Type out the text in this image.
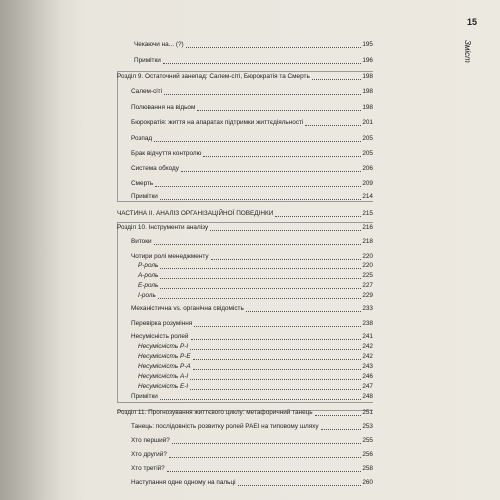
15
Зміст
Чекаючи на... (?)	195
Примітки	196
Розділ 9. Остаточний занепад: Салем-сіті, Бюрократія та Смерть	198
Салем-сіті	198
Полювання на відьом	198
Бюрократія: життя на апаратах підтримки життєдіяльності	201
Розпад	205
Брак відчуття контролю	205
Система обходу	206
Смерть	209
Примітки	214
ЧАСТИНА ІІ. АНАЛІЗ ОРГАНІЗАЦІЙНОЇ ПОВЕДІНКИ	215
Розділ 10. Інструменти аналізу	216
Витоки	218
Чотири ролі менеджменту	220
Р-роль	220
А-роль	225
Е-роль	227
І-роль	229
Механістична vs. органічна свідомість	233
Перевірка розуміння	238
Несумісність ролей	241
Несумісність Р-І	242
Несумісність Р-Е	242
Несумісність Р-А	243
Несумісність А-І	246
Несумісність Е-І	247
Примітки	248
Розділ 11. Прогнозування життєвого циклу: метафоричний танець	251
Танець: послідовність розвитку ролей PAEI на типовому шляху	253
Хто перший?	255
Хто другий?	256
Хто третій?	258
Наступання одне одному на пальці	260
